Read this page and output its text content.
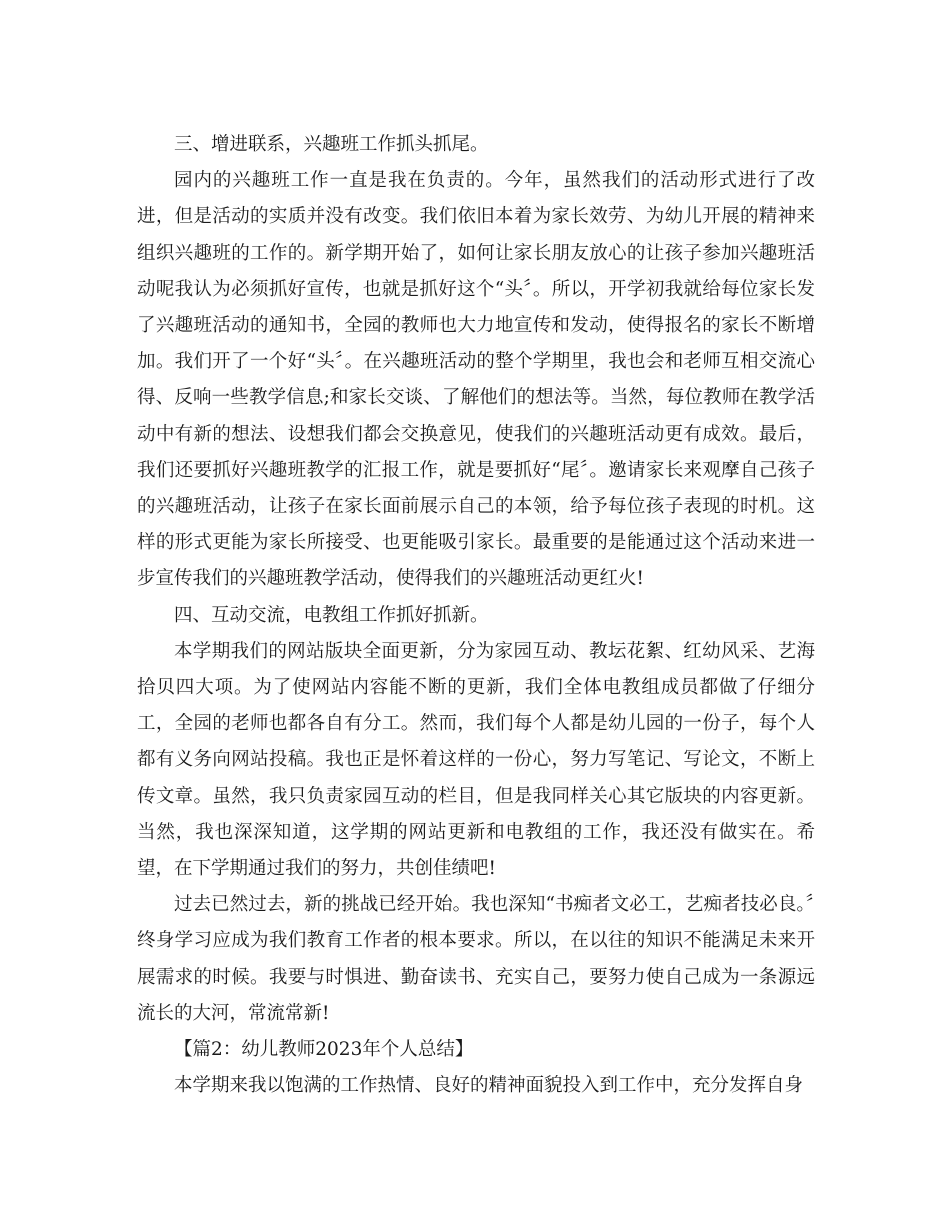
三、增进联系，兴趣班工作抓头抓尾。

园内的兴趣班工作一直是我在负责的。今年，虽然我们的活动形式进行了改进，但是活动的实质并没有改变。我们依旧本着为家长效劳、为幼儿开展的精神来组织兴趣班的工作的。新学期开始了，如何让家长朋友放心的让孩子参加兴趣班活动呢我认为必须抓好宣传，也就是抓好这个“头〞。所以，开学初我就给每位家长发了兴趣班活动的通知书，全园的教师也大力地宣传和发动，使得报名的家长不断增加。我们开了一个好“头〞。在兴趣班活动的整个学期里，我也会和老师互相交流心得、反响一些教学信息;和家长交谈、了解他们的想法等。当然，每位教师在教学活动中有新的想法、设想我们都会交换意见，使我们的兴趣班活动更有成效。最后，我们还要抓好兴趣班教学的汇报工作，就是要抓好“尾〞。邀请家长来观摩自己孩子的兴趣班活动，让孩子在家长面前展示自己的本领，给予每位孩子表现的时机。这样的形式更能为家长所接受、也更能吸引家长。最重要的是能通过这个活动来进一步宣传我们的兴趣班教学活动，使得我们的兴趣班活动更红火!

四、互动交流，电教组工作抓好抓新。

本学期我们的网站版块全面更新，分为家园互动、教坛花絮、红幼风采、艺海拾贝四大项。为了使网站内容能不断的更新，我们全体电教组成员都做了仔细分工，全园的老师也都各自有分工。然而，我们每个人都是幼儿园的一份子，每个人都有义务向网站投稿。我也正是怀着这样的一份心，努力写笔记、写论文，不断上传文章。虽然，我只负责家园互动的栏目，但是我同样关心其它版块的内容更新。当然，我也深深知道，这学期的网站更新和电教组的工作，我还没有做实在。希望，在下学期通过我们的努力，共创佳绩吧!

过去已然过去，新的挑战已经开始。我也深知“书痴者文必工，艺痴者技必良。〞终身学习应成为我们教育工作者的根本要求。所以，在以往的知识不能满足未来开展需求的时候。我要与时惧进、勤奋读书、充实自己，要努力使自己成为一条源远流长的大河，常流常新!

【篇2：幼儿教师2023年个人总结】

本学期来我以饱满的工作热情、良好的精神面貌投入到工作中，充分发挥自身
